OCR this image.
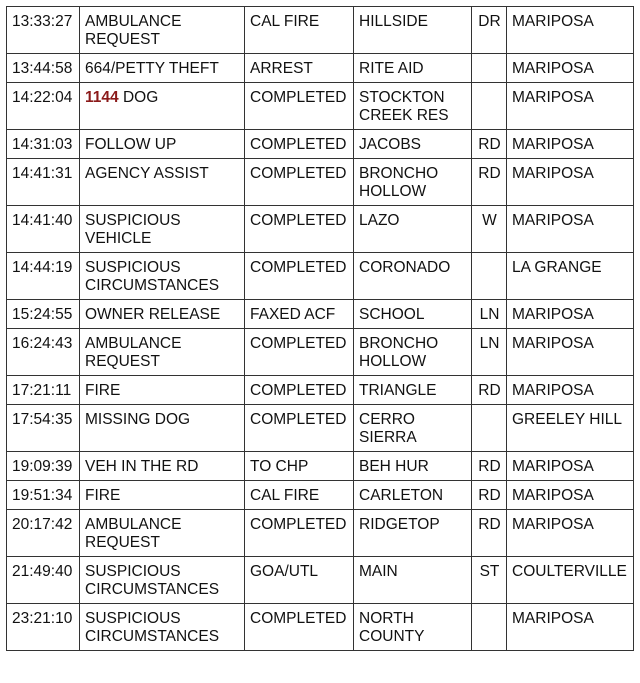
13:33:27	AMBULANCE REQUEST	CAL FIRE	HILLSIDE	DR	MARIPOSA
13:44:58	664/PETTY THEFT	ARREST	RITE AID		MARIPOSA
14:22:04	1144 DOG	COMPLETED	STOCKTON CREEK RES		MARIPOSA
14:31:03	FOLLOW UP	COMPLETED	JACOBS	RD	MARIPOSA
14:41:31	AGENCY ASSIST	COMPLETED	BRONCHO HOLLOW	RD	MARIPOSA
14:41:40	SUSPICIOUS VEHICLE	COMPLETED	LAZO	W	MARIPOSA
14:44:19	SUSPICIOUS CIRCUMSTANCES	COMPLETED	CORONADO		LA GRANGE
15:24:55	OWNER RELEASE	FAXED ACF	SCHOOL	LN	MARIPOSA
16:24:43	AMBULANCE REQUEST	COMPLETED	BRONCHO HOLLOW	LN	MARIPOSA
17:21:11	FIRE	COMPLETED	TRIANGLE	RD	MARIPOSA
17:54:35	MISSING DOG	COMPLETED	CERRO SIERRA		GREELEY HILL
19:09:39	VEH IN THE RD	TO CHP	BEH HUR	RD	MARIPOSA
19:51:34	FIRE	CAL FIRE	CARLETON	RD	MARIPOSA
20:17:42	AMBULANCE REQUEST	COMPLETED	RIDGETOP	RD	MARIPOSA
21:49:40	SUSPICIOUS CIRCUMSTANCES	GOA/UTL	MAIN	ST	COULTERVILLE
23:21:10	SUSPICIOUS CIRCUMSTANCES	COMPLETED	NORTH COUNTY		MARIPOSA
